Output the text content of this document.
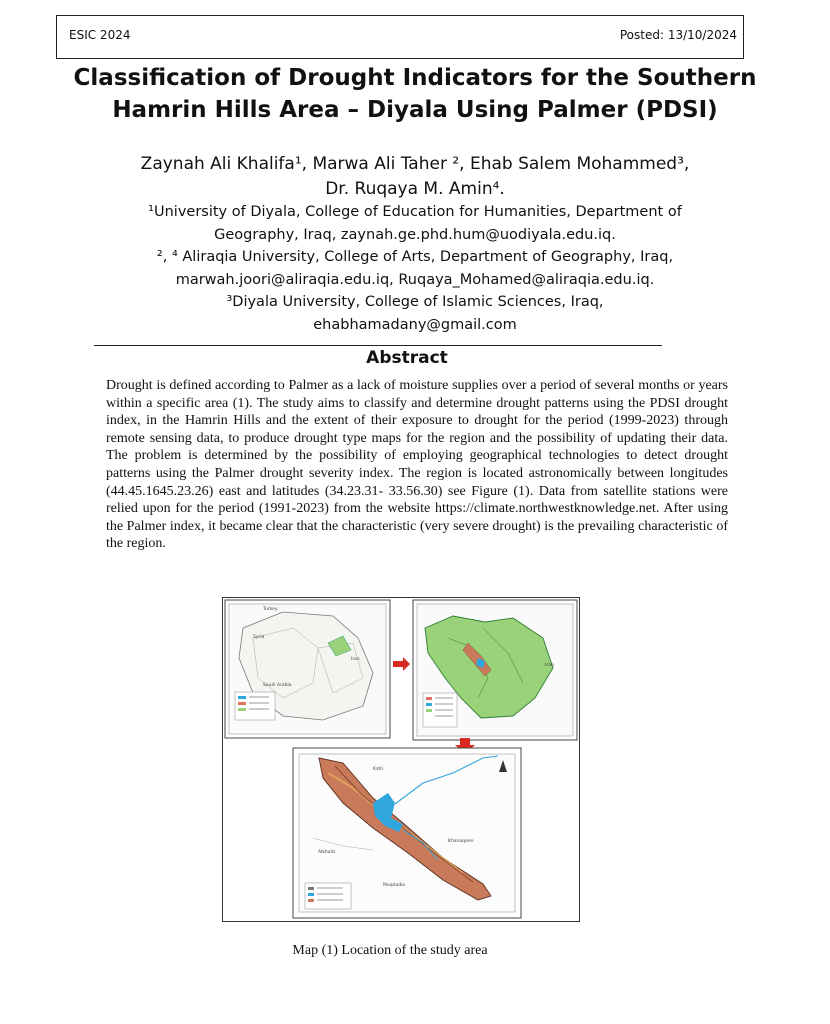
ESIC 2024	Posted: 13/10/2024
Classification of Drought Indicators for the Southern
Hamrin Hills Area – Diyala Using Palmer (PDSI)
Zaynah Ali Khalifa¹, Marwa Ali Taher ², Ehab Salem Mohammed³,
Dr. Ruqaya M. Amin⁴.
¹University of Diyala, College of Education for Humanities, Department of
Geography, Iraq, zaynah.ge.phd.hum@uodiyala.edu.iq.
², ⁴ Aliraqia University, College of Arts, Department of Geography, Iraq,
marwah.joori@aliraqia.edu.iq, Ruqaya_Mohamed@aliraqia.edu.iq.
³Diyala University, College of Islamic Sciences, Iraq,
ehabhamadany@gmail.com
Abstract
Drought is defined according to Palmer as a lack of moisture supplies over a period of several months or years within a specific area (1). The study aims to classify and determine drought patterns using the PDSI drought index, in the Hamrin Hills and the extent of their exposure to drought for the period (1999-2023) through remote sensing data, to produce drought type maps for the region and the possibility of updating their data. The problem is determined by the possibility of employing geographical technologies to detect drought patterns using the Palmer drought severity index. The region is located astronomically between longitudes (44.45.1645.23.26) east and latitudes (34.23.31- 33.56.30) see Figure (1). Data from satellite stations were relied upon for the period (1991-2023) from the website https://climate.northwestknowledge.net. After using the Palmer index, it became clear that the characteristic (very severe drought) is the prevailing characteristic of the region.
Turkey
Syria
Iran
Saudi Arabia
Iran
Kafri
Khanaqeen
Alkhalis
Muqdadia
Map (1) Location of the study area
